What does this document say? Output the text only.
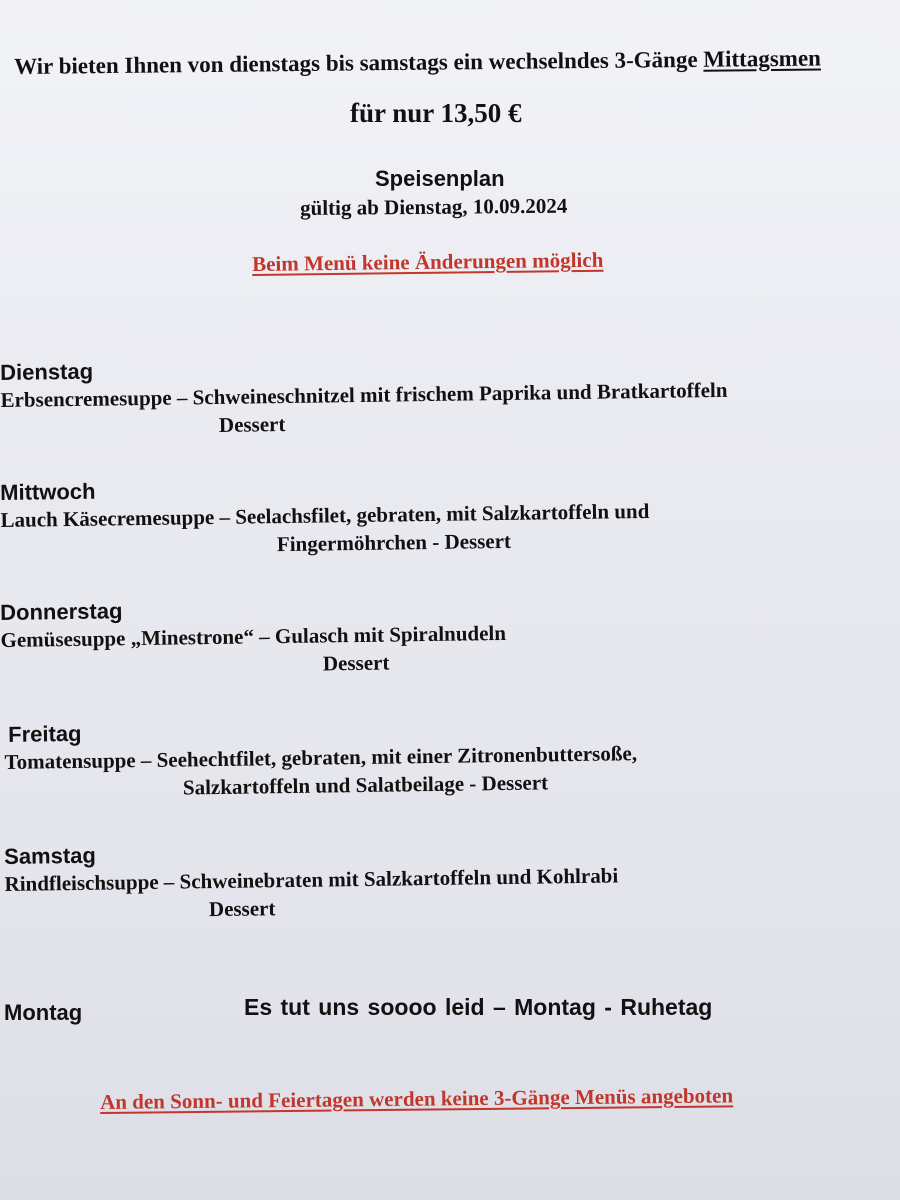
Wir bieten Ihnen von dienstags bis samstags ein wechselndes 3-Gänge Mittagsmen
für nur 13,50 €
Speisenplan
gültig ab Dienstag, 10.09.2024
Beim Menü keine Änderungen möglich
Dienstag
Erbsencremesuppe – Schweineschnitzel mit frischem Paprika und Bratkartoffeln
Dessert
Mittwoch
Lauch Käsecremesuppe – Seelachsfilet, gebraten, mit Salzkartoffeln und
Fingermöhrchen - Dessert
Donnerstag
Gemüsesuppe „Minestrone“ – Gulasch mit Spiralnudeln
Dessert
Freitag
Tomatensuppe – Seehechtfilet, gebraten, mit einer Zitronenbuttersoße,
Salzkartoffeln und Salatbeilage - Dessert
Samstag
Rindfleischsuppe – Schweinebraten mit Salzkartoffeln und Kohlrabi
Dessert
Montag	Es tut uns soooo leid – Montag - Ruhetag
An den Sonn- und Feiertagen werden keine 3-Gänge Menüs angeboten
